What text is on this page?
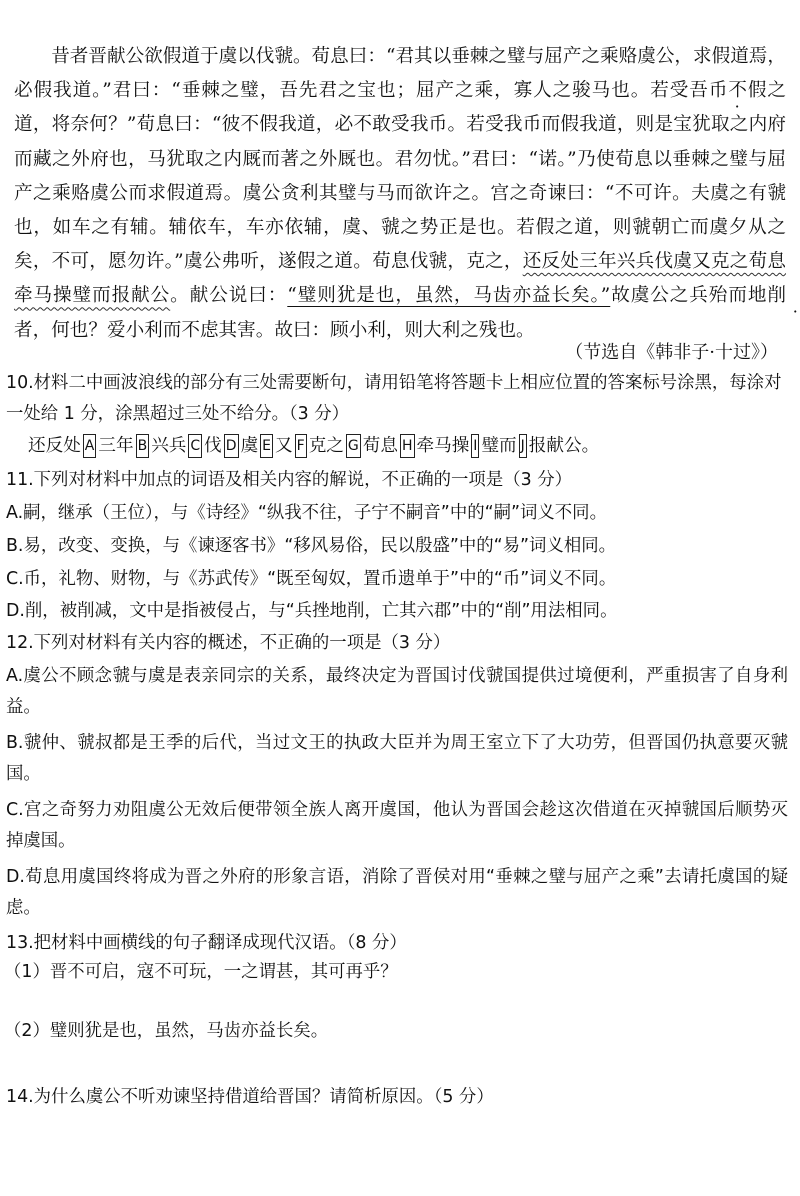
昔者晋献公欲假道于虞以伐虢。荀息曰：“君其以垂棘之璧与屈产之乘赂虞公，求假道焉，必假我道。”君曰：“垂棘之璧，吾先君之宝也；屈产之乘，寡人之骏马也。若受吾币不假之道，将奈何？”荀息曰：“彼不假我道，必不敢受我币。若受我币而假我道，则是宝犹取之内府而藏之外府也，马犹取之内厩而著之外厩也。君勿忧。”君曰：“诺。”乃使荀息以垂棘之璧与屈产之乘赂虞公而求假道焉。虞公贪利其璧与马而欲许之。宫之奇谏曰：“不可许。夫虞之有虢也，如车之有辅。辅依车，车亦依辅，虞、虢之势正是也。若假之道，则虢朝亡而虞夕从之矣，不可，愿勿许。”虞公弗听，遂假之道。荀息伐虢，克之，还反处三年兴兵伐虞又克之荀息牵马操璧而报献公。献公说曰：“璧则犹是也，虽然，马齿亦益长矣。”故虞公之兵殆而地削者，何也？爱小利而不虑其害。故曰：顾小利，则大利之残也。

（节选自《韩非子·十过》）

10.材料二中画波浪线的部分有三处需要断句，请用铅笔将答题卡上相应位置的答案标号涂黑，每涂对一处给 1 分，涂黑超过三处不给分。（3 分）

还反处 A 三年 B 兴兵 C 伐 D 虞 E 又 F 克之 G 荀息 H 牵马操 I 璧而 J 报献公。

11.下列对材料中加点的词语及相关内容的解说，不正确的一项是（3 分）

A.嗣，继承（王位），与《诗经》“纵我不往，子宁不嗣音”中的“嗣”词义不同。

B.易，改变、变换，与《谏逐客书》“移风易俗，民以殷盛”中的“易”词义相同。

C.币，礼物、财物，与《苏武传》“既至匈奴，置币遗单于”中的“币”词义不同。

D.削，被削减，文中是指被侵占，与“兵挫地削，亡其六郡”中的“削”用法相同。

12.下列对材料有关内容的概述，不正确的一项是（3 分）

A.虞公不顾念虢与虞是表亲同宗的关系，最终决定为晋国讨伐虢国提供过境便利，严重损害了自身利益。

B.虢仲、虢叔都是王季的后代，当过文王的执政大臣并为周王室立下了大功劳，但晋国仍执意要灭虢国。

C.宫之奇努力劝阻虞公无效后便带领全族人离开虞国，他认为晋国会趁这次借道在灭掉虢国后顺势灭掉虞国。

D.荀息用虞国终将成为晋之外府的形象言语，消除了晋侯对用“垂棘之璧与屈产之乘”去请托虞国的疑虑。

13.把材料中画横线的句子翻译成现代汉语。（8 分）

（1）晋不可启，寇不可玩，一之谓甚，其可再乎？

（2）璧则犹是也，虽然，马齿亦益长矣。

14.为什么虞公不听劝谏坚持借道给晋国？请简析原因。（5 分）
